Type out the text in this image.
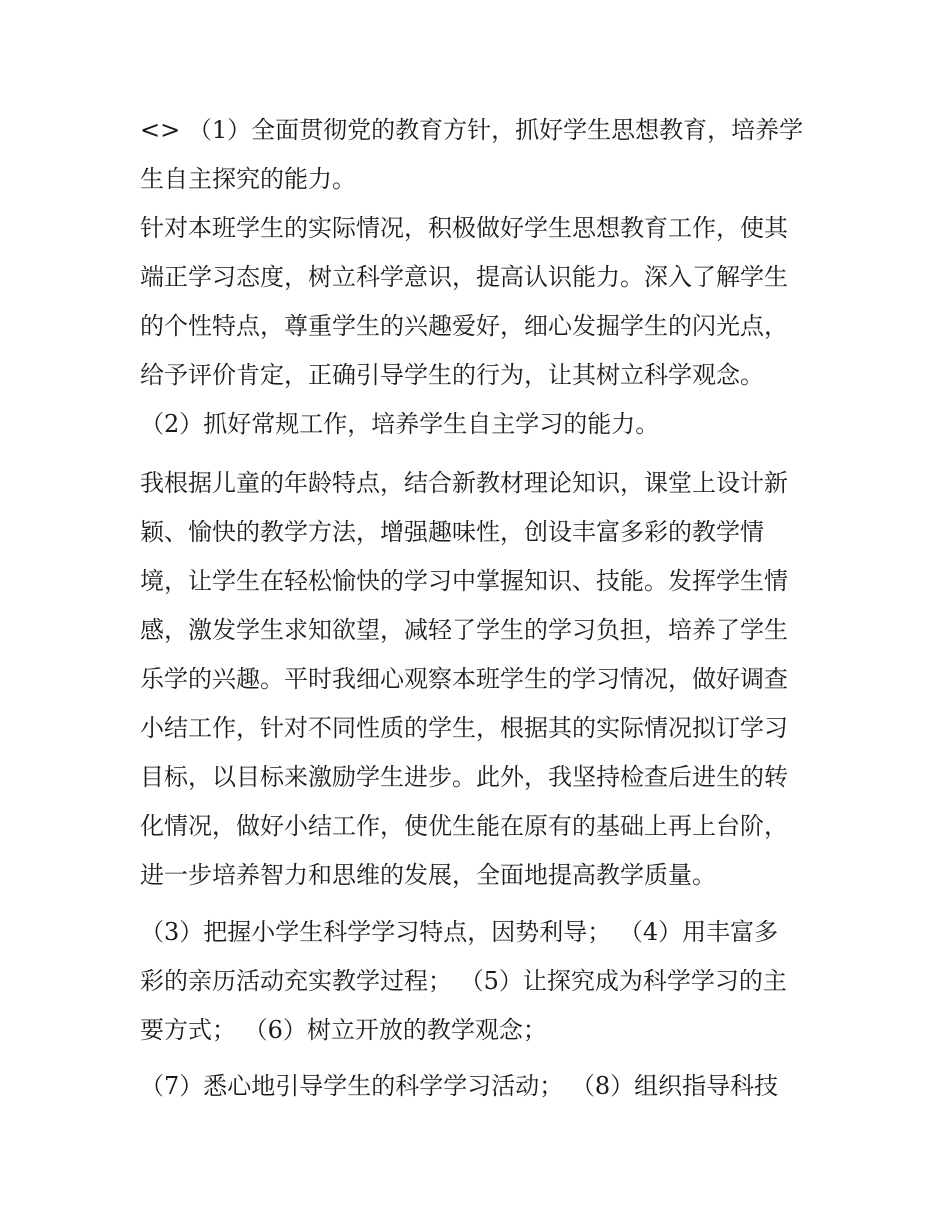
<> （1）全面贯彻党的教育方针，抓好学生思想教育，培养学
生自主探究的能力。
针对本班学生的实际情况，积极做好学生思想教育工作，使其
端正学习态度，树立科学意识，提高认识能力。深入了解学生
的个性特点，尊重学生的兴趣爱好，细心发掘学生的闪光点，
给予评价肯定，正确引导学生的行为，让其树立科学观念。
（2）抓好常规工作，培养学生自主学习的能力。
我根据儿童的年龄特点，结合新教材理论知识，课堂上设计新
颖、愉快的教学方法，增强趣味性，创设丰富多彩的教学情
境，让学生在轻松愉快的学习中掌握知识、技能。发挥学生情
感，激发学生求知欲望，减轻了学生的学习负担，培养了学生
乐学的兴趣。平时我细心观察本班学生的学习情况，做好调查
小结工作，针对不同性质的学生，根据其的实际情况拟订学习
目标，以目标来激励学生进步。此外，我坚持检查后进生的转
化情况，做好小结工作，使优生能在原有的基础上再上台阶，
进一步培养智力和思维的发展，全面地提高教学质量。
（3）把握小学生科学学习特点，因势利导； （4）用丰富多
彩的亲历活动充实教学过程； （5）让探究成为科学学习的主
要方式； （6）树立开放的教学观念；
（7）悉心地引导学生的科学学习活动； （8）组织指导科技
